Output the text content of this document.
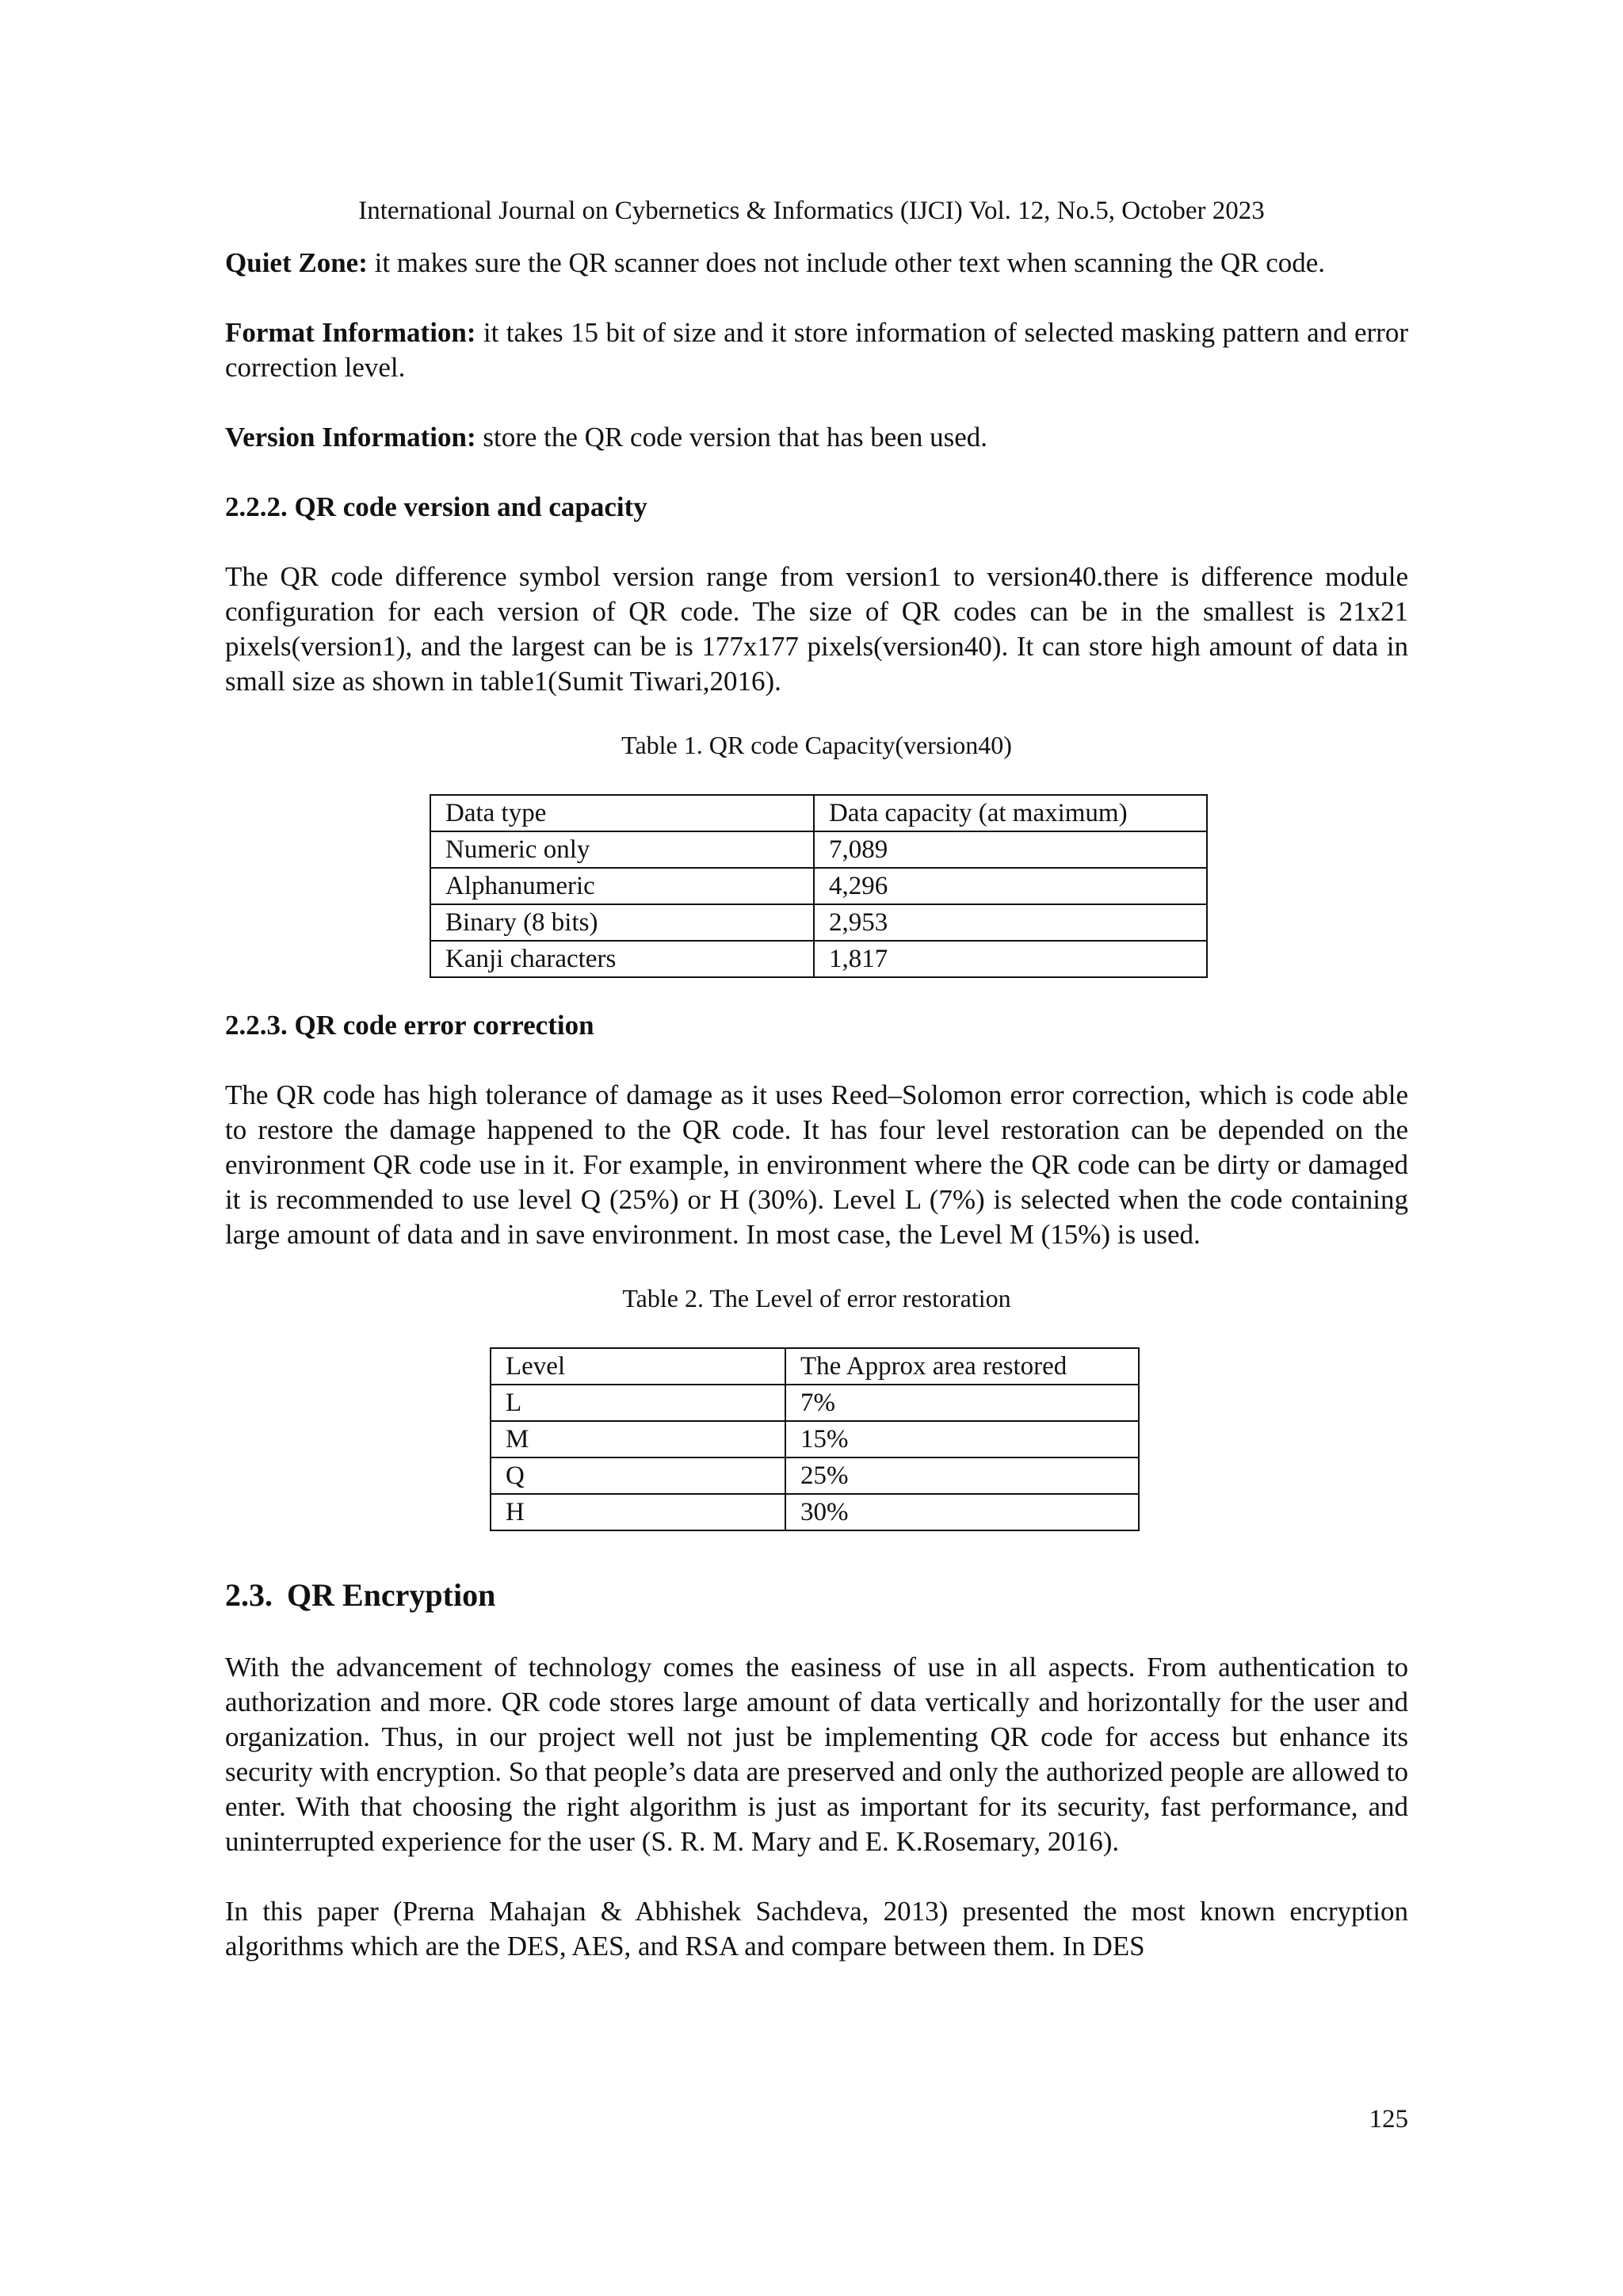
International Journal on Cybernetics & Informatics (IJCI) Vol. 12, No.5, October 2023

Quiet Zone: it makes sure the QR scanner does not include other text when scanning the QR code.

Format Information: it takes 15 bit of size and it store information of selected masking pattern and error correction level.

Version Information: store the QR code version that has been used.

2.2.2. QR code version and capacity

The QR code difference symbol version range from version1 to version40.there is difference module configuration for each version of QR code. The size of QR codes can be in the smallest is 21x21 pixels(version1), and the largest can be is 177x177 pixels(version40). It can store high amount of data in small size as shown in table1(Sumit Tiwari,2016).

Table 1. QR code Capacity(version40)
Data type	Data capacity (at maximum)
Numeric only	7,089
Alphanumeric	4,296
Binary (8 bits)	2,953
Kanji characters	1,817
2.2.3. QR code error correction

The QR code has high tolerance of damage as it uses Reed–Solomon error correction, which is code able to restore the damage happened to the QR code. It has four level restoration can be depended on the environment QR code use in it. For example, in environment where the QR code can be dirty or damaged it is recommended to use level Q (25%) or H (30%). Level L (7%) is selected when the code containing large amount of data and in save environment. In most case, the Level M (15%) is used.

Table 2. The Level of error restoration
Level	The Approx area restored
L	7%
M	15%
Q	25%
H	30%
2.3. QR Encryption

With the advancement of technology comes the easiness of use in all aspects. From authentication to authorization and more. QR code stores large amount of data vertically and horizontally for the user and organization. Thus, in our project well not just be implementing QR code for access but enhance its security with encryption. So that people’s data are preserved and only the authorized people are allowed to enter. With that choosing the right algorithm is just as important for its security, fast performance, and uninterrupted experience for the user (S. R. M. Mary and E. K.Rosemary, 2016).

In this paper (Prerna Mahajan & Abhishek Sachdeva, 2013) presented the most known encryption algorithms which are the DES, AES, and RSA and compare between them. In DES

125
